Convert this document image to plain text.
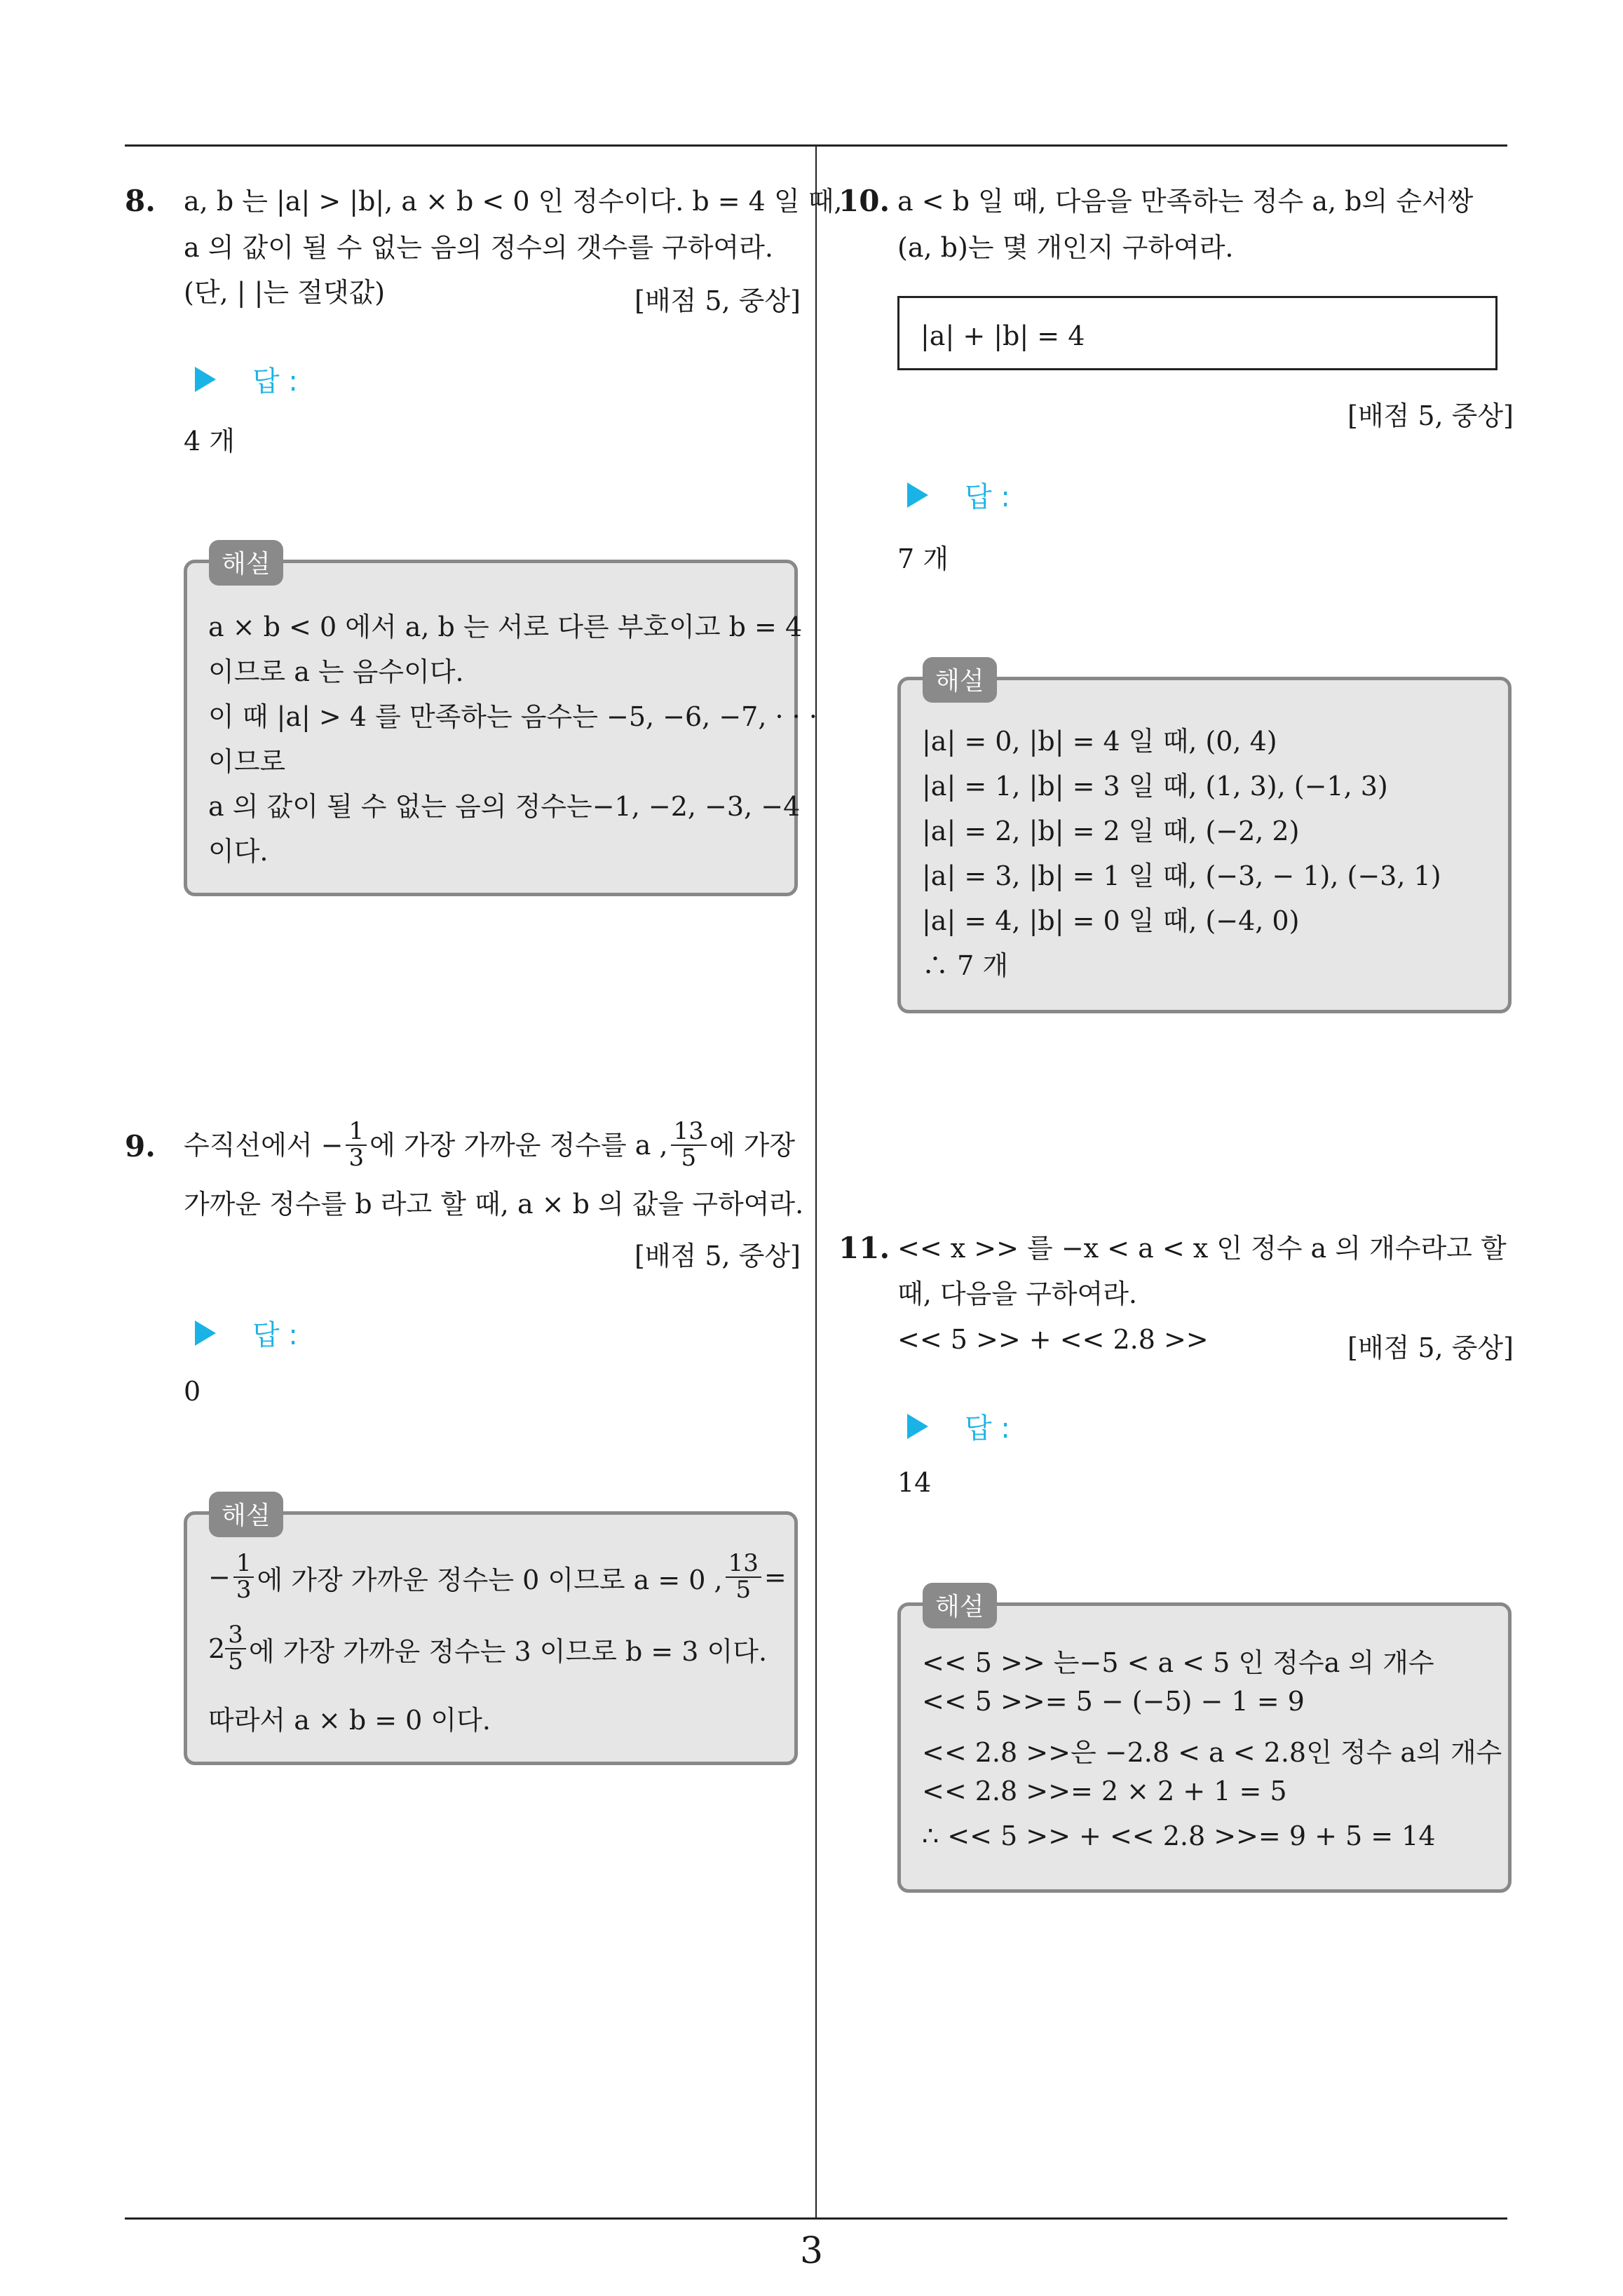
3
8. a, b 는 |a| > |b|, a × b < 0 인 정수이다. b = 4 일 때,
a 의 값이 될 수 없는 음의 정수의 갯수를 구하여라.
(단, | |는 절댓값)	[배점 5, 중상]
답 :
4 개
a × b < 0 에서 a, b 는 서로 다른 부호이고 b = 4
이므로 a 는 음수이다.
이 때 |a| > 4 를 만족하는 음수는 −5, −6, −7, · · ·
이므로
a 의 값이 될 수 없는 음의 정수는−1, −2, −3, −4
이다.
해설
9. 수직선에서 − $\frac{1}{3}$ 에 가장 가까운 정수를 a , $\frac{13}{5}$ 에 가장
가까운 정수를 b 라고 할 때, a × b 의 값을 구하여라.
[배점 5, 중상]
답 :
0
− $\frac{1}{3}$ 에 가장 가까운 정수는 0 이므로 a = 0 , $\frac{13}{5}$ =
$2 \frac{3}{5}$ 에 가장 가까운 정수는 3 이므로 b = 3 이다.
따라서 a × b = 0 이다.
해설
10. a < b 일 때, 다음을 만족하는 정수 a, b의 순서쌍
(a, b)는 몇 개인지 구하여라.
|a| + |b| = 4
[배점 5, 중상]
답 :
7 개
|a| = 0, |b| = 4 일 때, (0, 4)
|a| = 1, |b| = 3 일 때, (1, 3), (−1, 3)
|a| = 2, |b| = 2 일 때, (−2, 2)
|a| = 3, |b| = 1 일 때, (−3, − 1), (−3, 1)
|a| = 4, |b| = 0 일 때, (−4, 0)
∴ 7 개
해설
11. << x >> 를 −x < a < x 인 정수 a 의 개수라고 할
때, 다음을 구하여라.
<< 5 >> + << 2.8 >>	[배점 5, 중상]
답 :
14
<< 5 >> 는−5 < a < 5 인 정수a 의 개수
<< 5 >>= 5 − (−5) − 1 = 9
<< 2.8 >>은 −2.8 < a < 2.8인 정수 a의 개수
<< 2.8 >>= 2 × 2 + 1 = 5
∴ << 5 >> + << 2.8 >>= 9 + 5 = 14
해설
